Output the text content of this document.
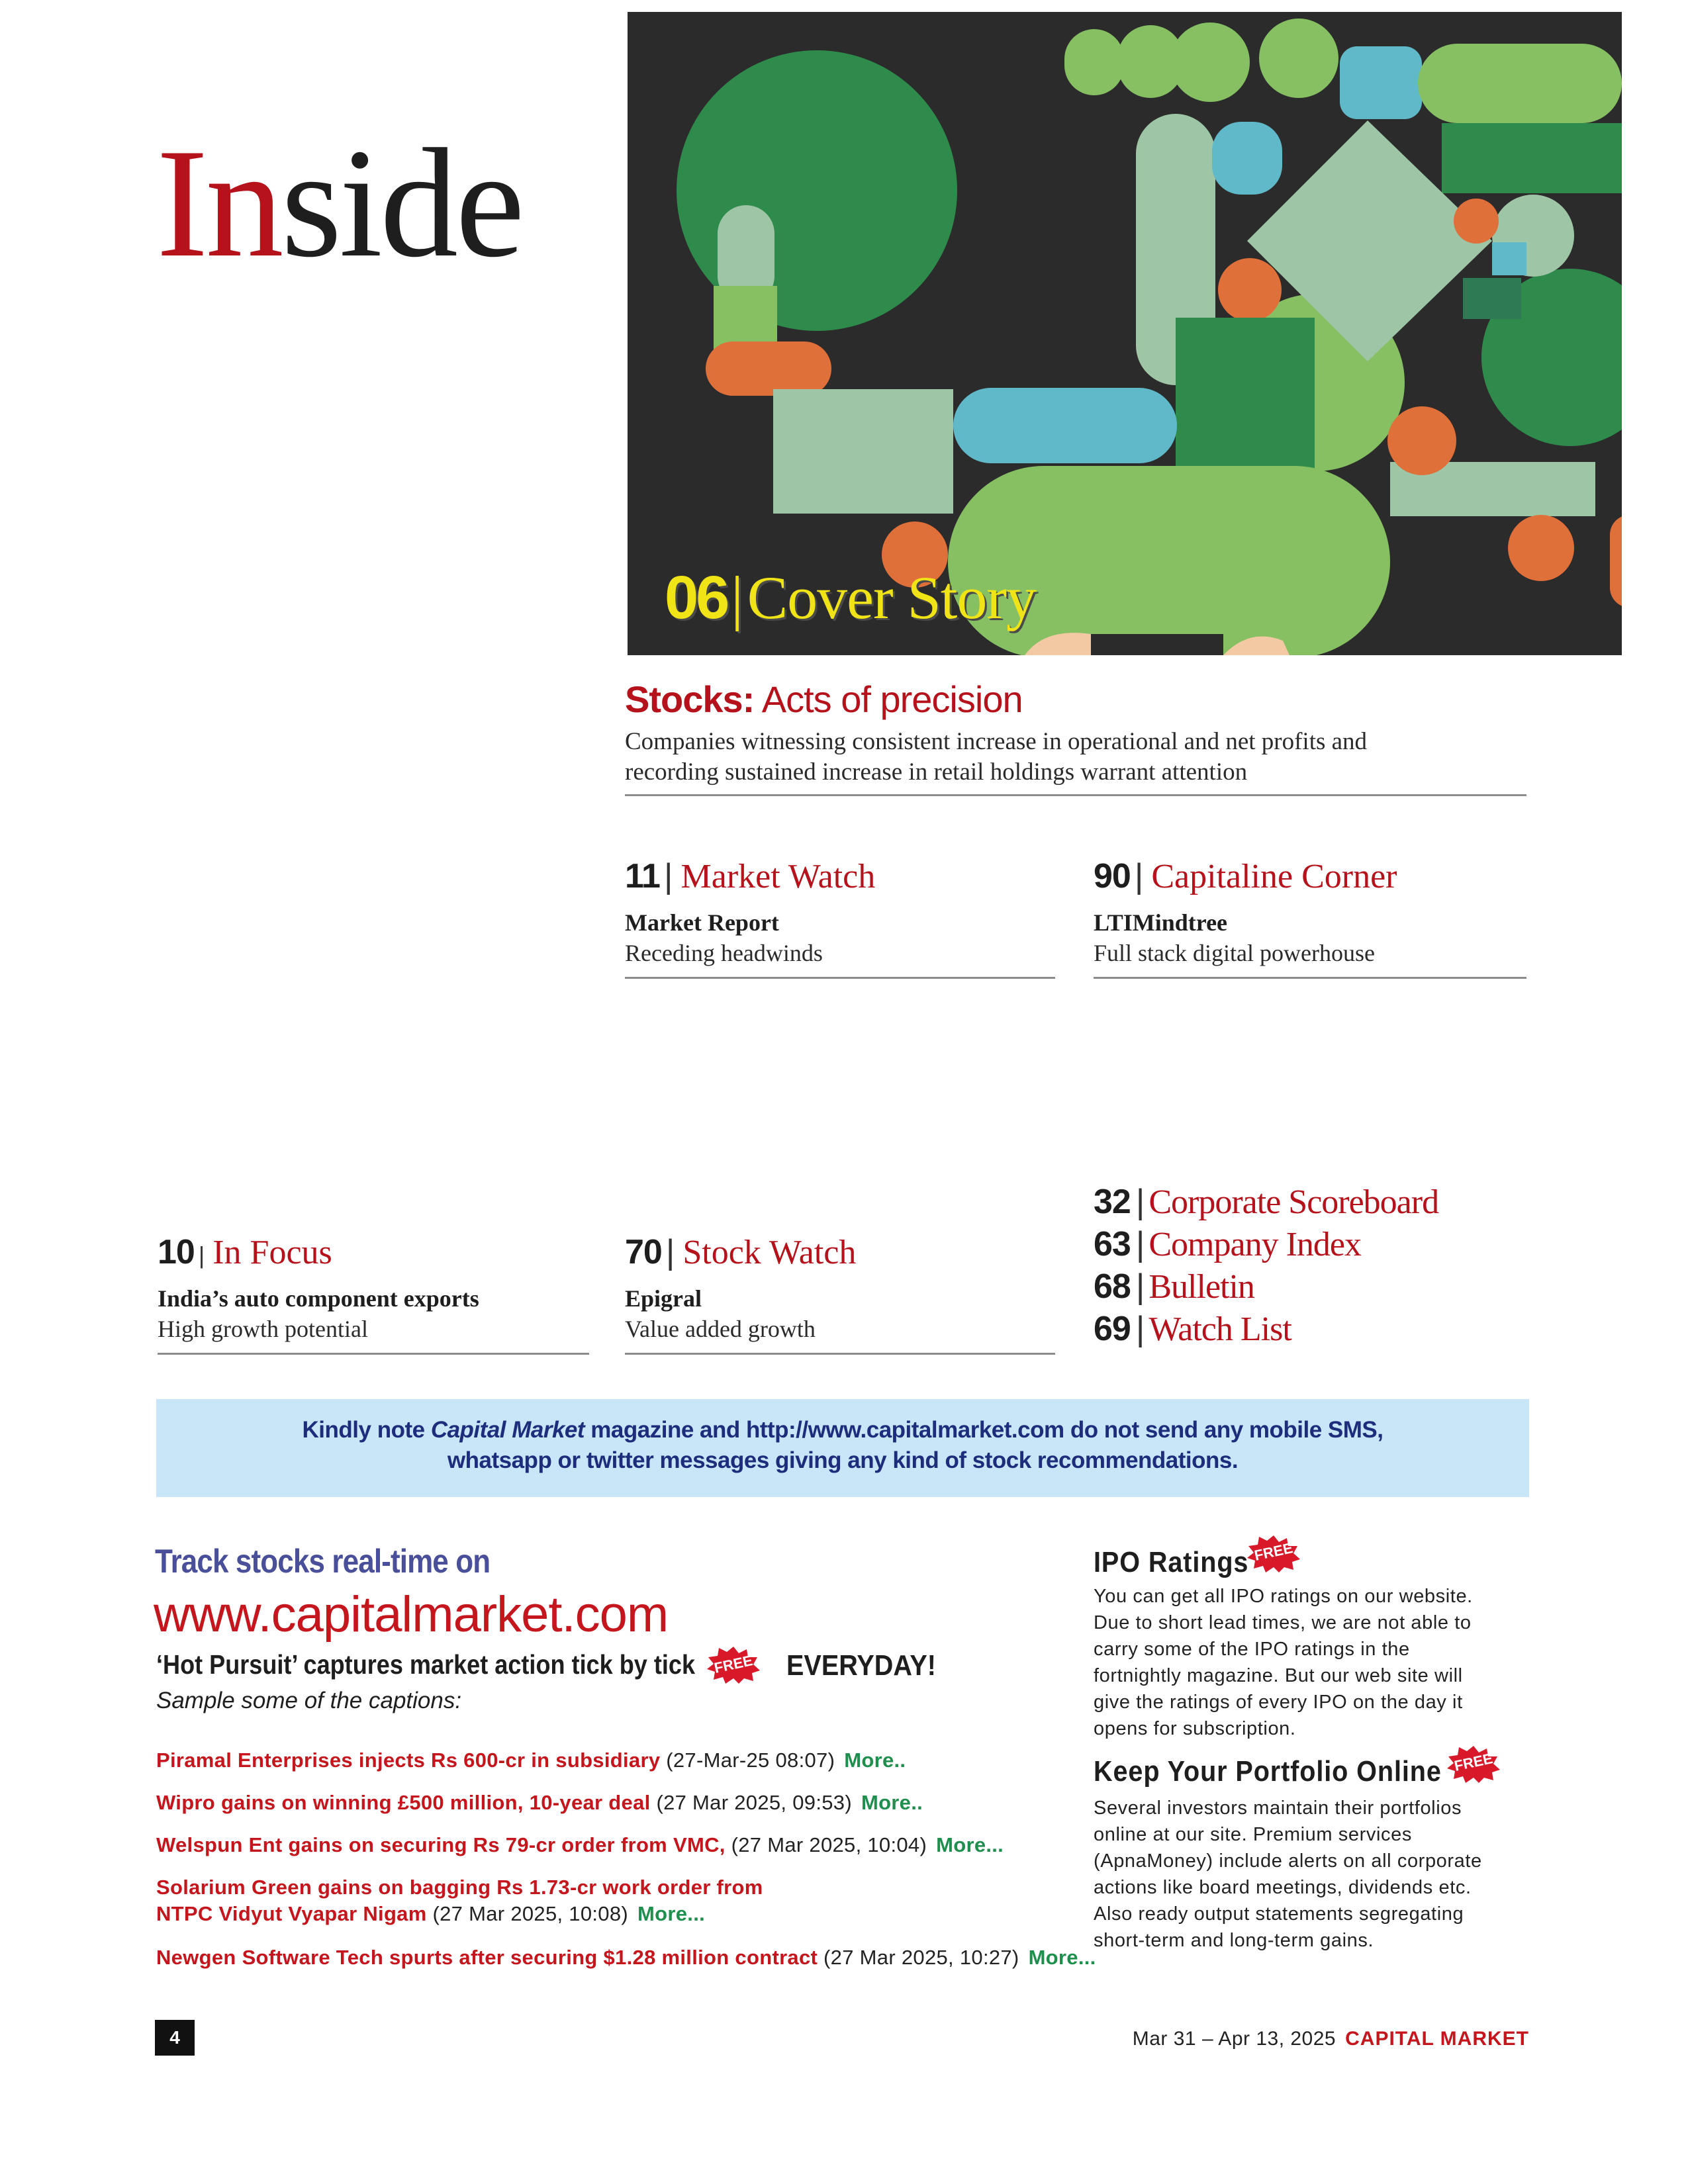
Inside
06|Cover Story
Stocks: Acts of precision
Companies witnessing consistent increase in operational and net profits and
recording sustained increase in retail holdings warrant attention
11 | Market Watch
Market Report
Receding headwinds
90 | Capitaline Corner
LTIMindtree
Full stack digital powerhouse
10 | In Focus
India’s auto component exports
High growth potential
70 | Stock Watch
Epigral
Value added growth
32 | Corporate Scoreboard
63 | Company Index
68 | Bulletin
69 | Watch List
Kindly note Capital Market magazine and http://www.capitalmarket.com do not send any mobile SMS,
whatsapp or twitter messages giving any kind of stock recommendations.
Track stocks real-time on
www.capitalmarket.com
‘Hot Pursuit’ captures market action tick by tick	FREE EVERYDAY!
Sample some of the captions:
Piramal Enterprises injects Rs 600-cr in subsidiary (27-Mar-25 08:07) More..
Wipro gains on winning £500 million, 10-year deal (27 Mar 2025, 09:53) More..
Welspun Ent gains on securing Rs 79-cr order from VMC, (27 Mar 2025, 10:04) More...
Solarium Green gains on bagging Rs 1.73-cr work order from
NTPC Vidyut Vyapar Nigam (27 Mar 2025, 10:08) More...
Newgen Software Tech spurts after securing $1.28 million contract (27 Mar 2025, 10:27) More...
IPO Ratings FREE
You can get all IPO ratings on our website.
Due to short lead times, we are not able to
carry some of the IPO ratings in the
fortnightly magazine. But our web site will
give the ratings of every IPO on the day it
opens for subscription.
Keep Your Portfolio Online FREE
Several investors maintain their portfolios
online at our site. Premium services
(ApnaMoney) include alerts on all corporate
actions like board meetings, dividends etc.
Also ready output statements segregating
short-term and long-term gains.
4	Mar 31 – Apr 13, 2025 CAPITAL MARKET
